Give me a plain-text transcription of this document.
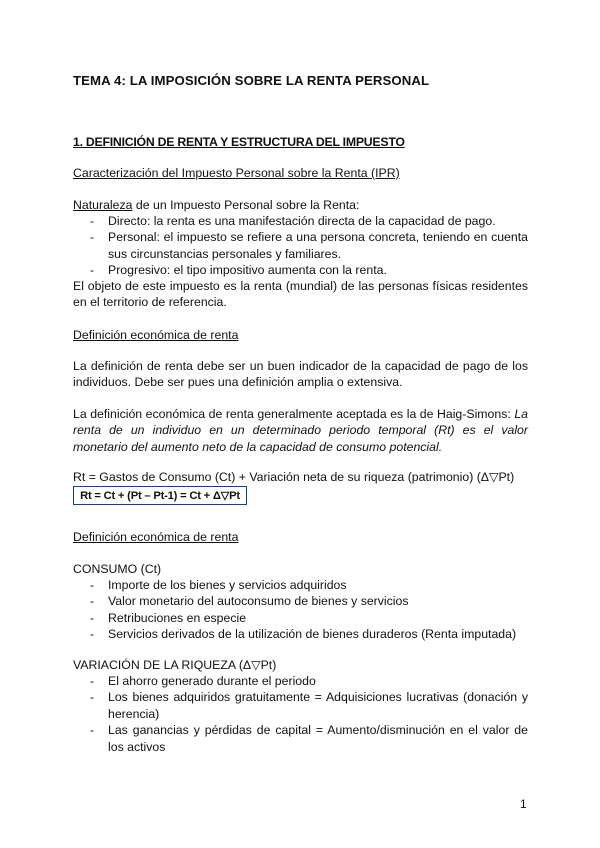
TEMA 4: LA IMPOSICIÓN SOBRE LA RENTA PERSONAL
1. DEFINICIÓN DE RENTA Y ESTRUCTURA DEL IMPUESTO
Caracterización del Impuesto Personal sobre la Renta (IPR)
Naturaleza de un Impuesto Personal sobre la Renta:
- Directo: la renta es una manifestación directa de la capacidad de pago.
- Personal: el impuesto se refiere a una persona concreta, teniendo en cuenta sus circunstancias personales y familiares.
- Progresivo: el tipo impositivo aumenta con la renta.

El objeto de este impuesto es la renta (mundial) de las personas físicas residentes en el territorio de referencia.

Definición económica de renta

La definición de renta debe ser un buen indicador de la capacidad de pago de los individuos. Debe ser pues una definición amplia o extensiva.

La definición económica de renta generalmente aceptada es la de Haig-Simons: La renta de un individuo en un determinado periodo temporal (Rt) es el valor monetario del aumento neto de la capacidad de consumo potencial.

Rt = Gastos de Consumo (Ct) + Variación neta de su riqueza (patrimonio) (Δ▽Pt)
Rt = Ct + (Pt – Pt-1) = Ct + Δ▽Pt
Definición económica de renta
CONSUMO (Ct)
- Importe de los bienes y servicios adquiridos
- Valor monetario del autoconsumo de bienes y servicios
- Retribuciones en especie
- Servicios derivados de la utilización de bienes duraderos (Renta imputada)
VARIACIÓN DE LA RIQUEZA (Δ▽Pt)
- El ahorro generado durante el periodo
- Los bienes adquiridos gratuitamente = Adquisiciones lucrativas (donación y herencia)
- Las ganancias y pérdidas de capital = Aumento/disminución en el valor de los activos
1
